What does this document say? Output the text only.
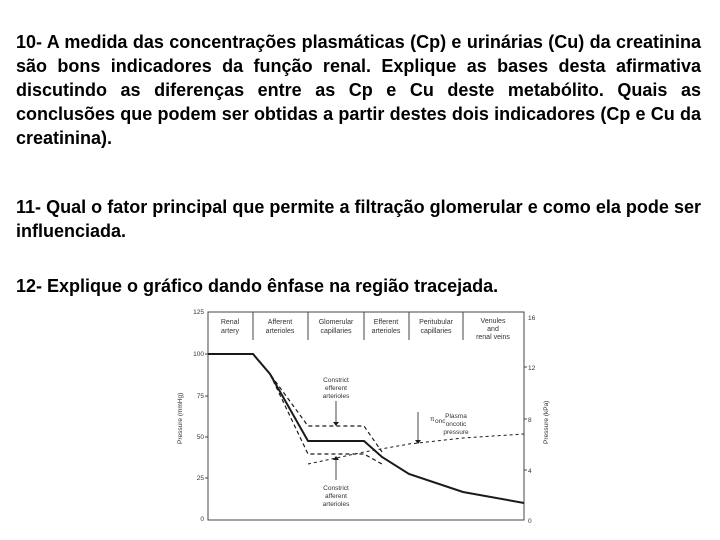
10- A medida das concentrações plasmáticas (Cp) e urinárias (Cu) da creatinina são bons indicadores da função renal. Explique as bases desta afirmativa discutindo as diferenças entre as Cp e Cu deste metabólito. Quais as conclusões que podem ser obtidas a partir destes dois indicadores (Cp e Cu da creatinina).

11- Qual o fator principal que permite a filtração glomerular e como ela pode ser influenciada.

12- Explique o gráfico dando ênfase na região tracejada.

Renal
artery
Afferent
arterioles
Glomerular
capillaries
Efferent
arterioles
Peritubular
capillaries
Venules
and
renal veins
125
100
75
50
25
0
16
12
8
4
0
Pressure (mmHg)	Pressure (kPa)
Constrict
efferent
arterioles
π onc
Plasma
oncotic
pressure
Constrict
afferent
arterioles
